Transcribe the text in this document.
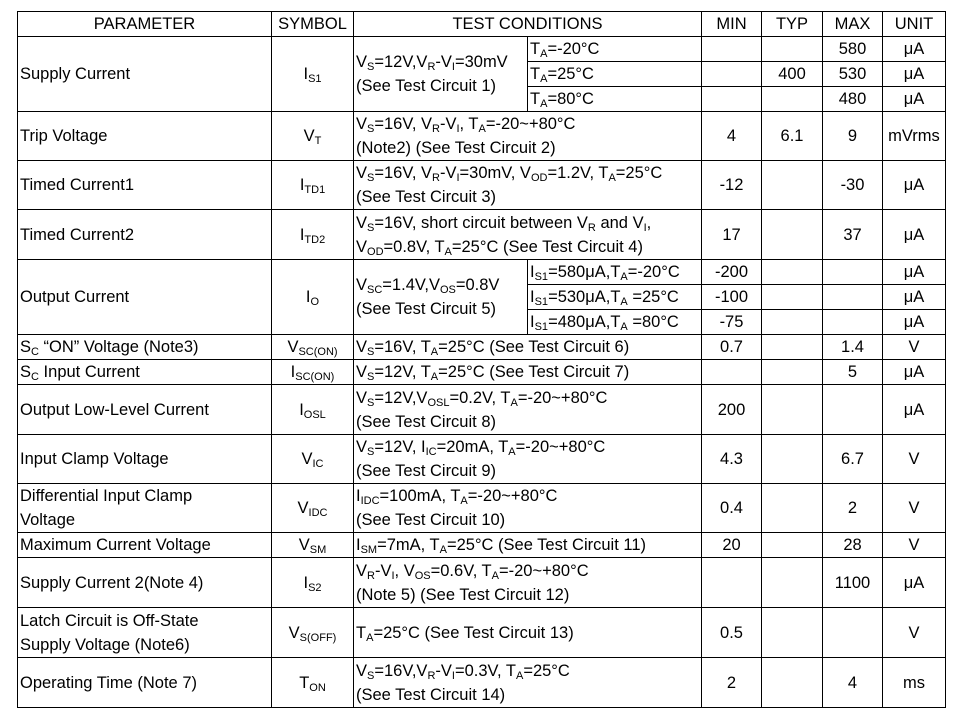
PARAMETER	SYMBOL	TEST CONDITIONS		MIN	TYP	MAX	UNIT
Supply Current	$I_{S1}$	$V_S=12V,V_R-V_I=30mV$
(See Test Circuit 1)	$T_A=-20^\circ C$			580	μA
			$T_A=25^\circ C$		400	530	μA
			$T_A=80^\circ C$			480	μA
Trip Voltage	$V_T$	$V_S=16V$, $V_R-V_I$, $T_A=-20\sim+80^\circ C$
(Note2) (See Test Circuit 2)		4	6.1	9	mVrms
Timed Current1	$I_{TD1}$	$V_S=16V$, $V_R-V_I=30mV$, $V_{OD}=1.2V$, $T_A=25^\circ C$
(See Test Circuit 3)		-12		-30	μA
Timed Current2	$I_{TD2}$	$V_S=16V$, short circuit between $V_R$ and $V_I$,
$V_{OD}=0.8V$, $T_A=25^\circ C$ (See Test Circuit 4)		17		37	μA
Output Current	$I_O$	$V_{SC}=1.4V,V_{OS}=0.8V$
(See Test Circuit 5)	$I_{S1}=580\mu A,T_A=-20^\circ C$	-200			μA
			$I_{S1}=530\mu A,T_A =25^\circ C$	-100			μA
			$I_{S1}=480\mu A,T_A =80^\circ C$	-75			μA
$S_C$ “ON” Voltage (Note3)	$V_{SC(ON)}$	$V_S=16V$, $T_A=25^\circ C$ (See Test Circuit 6)		0.7		1.4	V
$S_C$ Input Current	$I_{SC(ON)}$	$V_S=12V$, $T_A=25^\circ C$ (See Test Circuit 7)				5	μA
Output Low-Level Current	$I_{OSL}$	$V_S=12V,V_{OSL}=0.2V$, $T_A=-20\sim+80^\circ C$
(See Test Circuit 8)		200			μA
Input Clamp Voltage	$V_{IC}$	$V_S=12V$, $I_{IC}=20mA$, $T_A=-20\sim+80^\circ C$
(See Test Circuit 9)		4.3		6.7	V
Differential Input Clamp
Voltage	$V_{IDC}$	$I_{IDC}=100mA$, $T_A=-20\sim+80^\circ C$
(See Test Circuit 10)		0.4		2	V
Maximum Current Voltage	$V_{SM}$	$I_{SM}=7mA$, $T_A=25^\circ C$ (See Test Circuit 11)		20		28	V
Supply Current 2(Note 4)	$I_{S2}$	$V_R-V_I$, $V_{OS}=0.6V$, $T_A=-20\sim+80^\circ C$
(Note 5) (See Test Circuit 12)				1100	μA
Latch Circuit is Off-State
Supply Voltage (Note6)	$V_{S(OFF)}$	$T_A=25^\circ C$ (See Test Circuit 13)		0.5			V
Operating Time (Note 7)	$T_{ON}$	$V_S=16V,V_R-V_I=0.3V$, $T_A=25^\circ C$
(See Test Circuit 14)		2		4	ms
